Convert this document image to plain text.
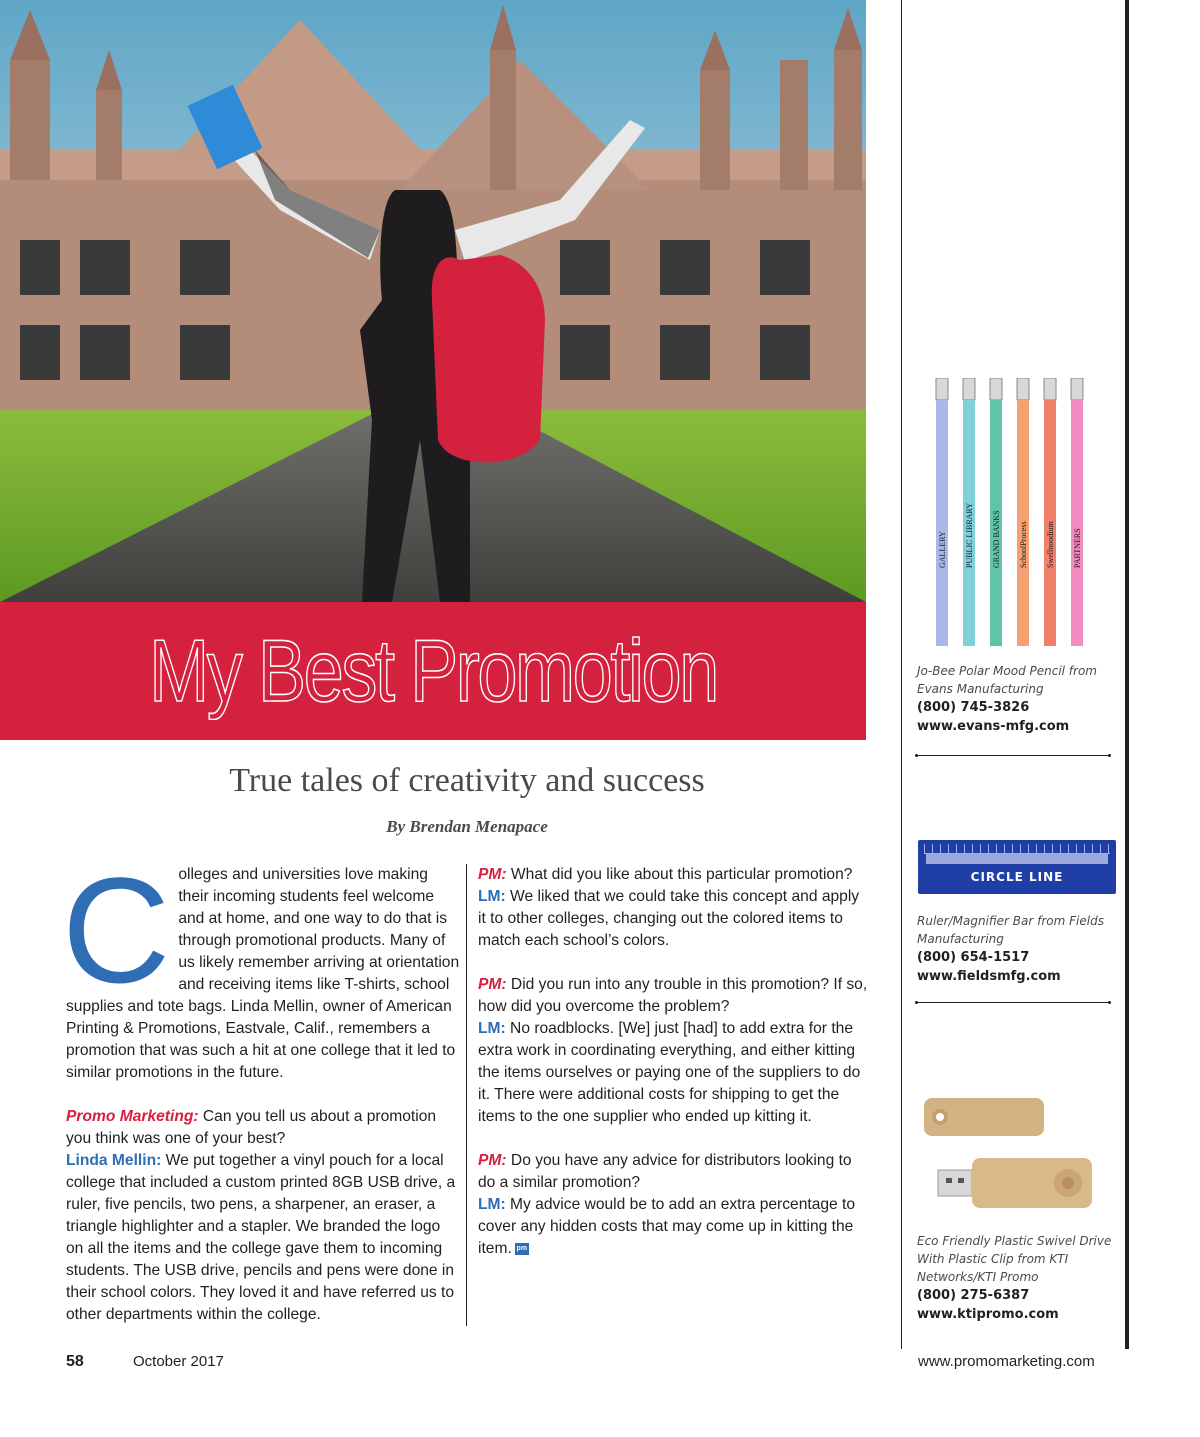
My Best Promotion
True tales of creativity and success
By Brendan Menapace

Colleges and universities love making their incoming students feel welcome and at home, and one way to do that is through promotional products. Many of us likely remember arriving at orientation and receiving items like T-shirts, school supplies and tote bags. Linda Mellin, owner of American Printing & Promotions, Eastvale, Calif., remembers a promotion that was such a hit at one college that it led to similar promotions in the future.

Promo Marketing: Can you tell us about a promotion you think was one of your best?
Linda Mellin: We put together a vinyl pouch for a local college that included a custom printed 8GB USB drive, a ruler, five pencils, two pens, a sharpener, an eraser, a triangle highlighter and a stapler. We branded the logo on all the items and the college gave them to incoming students. The USB drive, pencils and pens were done in their school colors. They loved it and have referred us to other departments within the college.

PM: What did you like about this particular promotion?
LM: We liked that we could take this concept and apply it to other colleges, changing out the colored items to match each school’s colors.

PM: Did you run into any trouble in this promotion? If so, how did you overcome the problem?
LM: No roadblocks. [We] just [had] to add extra for the extra work in coordinating everything, and either kitting the items ourselves or paying one of the suppliers to do it. There were additional costs for shipping to get the items to the one supplier who ended up kitting it.

PM: Do you have any advice for distributors looking to do a similar promotion?
LM: My advice would be to add an extra percentage to cover any hidden costs that may come up in kitting the item. pm

GALLERY PUBLIC LIBRARY GRAND BANKS SchoolProcess Swellnoodium PARTNERS
Jo-Bee Polar Mood Pencil from Evans Manufacturing
(800) 745-3826
www.evans-mfg.com
CIRCLE LINE
Ruler/Magnifier Bar from Fields Manufacturing
(800) 654-1517
www.fieldsmfg.com
Eco Friendly Plastic Swivel Drive With Plastic Clip from KTI Networks/KTI Promo
(800) 275-6387
www.ktipromo.com
58	October 2017	www.promomarketing.com
